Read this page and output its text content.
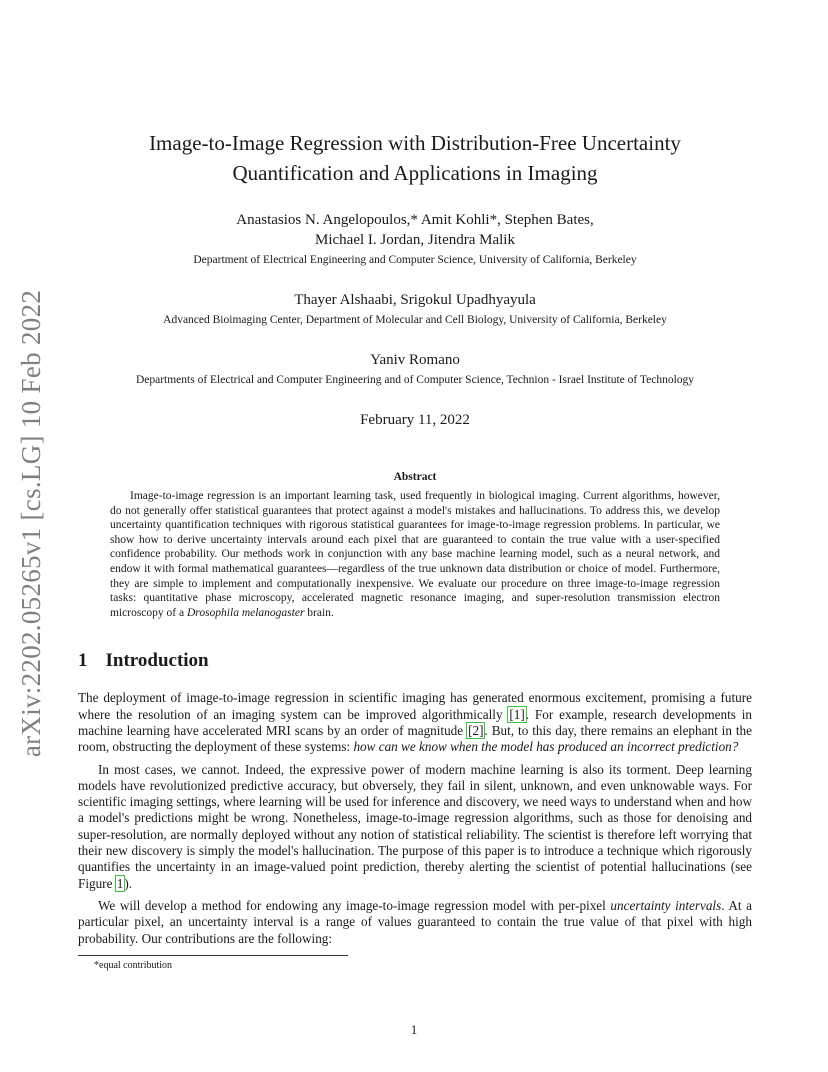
arXiv:2202.05265v1 [cs.LG] 10 Feb 2022
Image-to-Image Regression with Distribution-Free Uncertainty
Quantification and Applications in Imaging
Anastasios N. Angelopoulos,* Amit Kohli*, Stephen Bates,
Michael I. Jordan, Jitendra Malik
Department of Electrical Engineering and Computer Science, University of California, Berkeley
Thayer Alshaabi, Srigokul Upadhyayula
Advanced Bioimaging Center, Department of Molecular and Cell Biology, University of California, Berkeley
Yaniv Romano
Departments of Electrical and Computer Engineering and of Computer Science, Technion - Israel Institute of Technology
February 11, 2022
Abstract

Image-to-image regression is an important learning task, used frequently in biological imaging. Current algorithms, however, do not generally offer statistical guarantees that protect against a model's mistakes and hallucinations. To address this, we develop uncertainty quantification techniques with rigorous statistical guarantees for image-to-image regression problems. In particular, we show how to derive uncertainty intervals around each pixel that are guaranteed to contain the true value with a user-specified confidence probability. Our methods work in conjunction with any base machine learning model, such as a neural network, and endow it with formal mathematical guarantees—regardless of the true unknown data distribution or choice of model. Furthermore, they are simple to implement and computationally inexpensive. We evaluate our procedure on three image-to-image regression tasks: quantitative phase microscopy, accelerated magnetic resonance imaging, and super-resolution transmission electron microscopy of a Drosophila melanogaster brain.

1 Introduction

The deployment of image-to-image regression in scientific imaging has generated enormous excitement, promising a future where the resolution of an imaging system can be improved algorithmically [1]. For example, research developments in machine learning have accelerated MRI scans by an order of magnitude [2]. But, to this day, there remains an elephant in the room, obstructing the deployment of these systems: how can we know when the model has produced an incorrect prediction?

In most cases, we cannot. Indeed, the expressive power of modern machine learning is also its torment. Deep learning models have revolutionized predictive accuracy, but obversely, they fail in silent, unknown, and even unknowable ways. For scientific imaging settings, where learning will be used for inference and discovery, we need ways to understand when and how a model's predictions might be wrong. Nonetheless, image-to-image regression algorithms, such as those for denoising and super-resolution, are normally deployed without any notion of statistical reliability. The scientist is therefore left worrying that their new discovery is simply the model's hallucination. The purpose of this paper is to introduce a technique which rigorously quantifies the uncertainty in an image-valued point prediction, thereby alerting the scientist of potential hallucinations (see Figure 1).

We will develop a method for endowing any image-to-image regression model with per-pixel uncertainty intervals. At a particular pixel, an uncertainty interval is a range of values guaranteed to contain the true value of that pixel with high probability. Our contributions are the following:

*equal contribution
1
